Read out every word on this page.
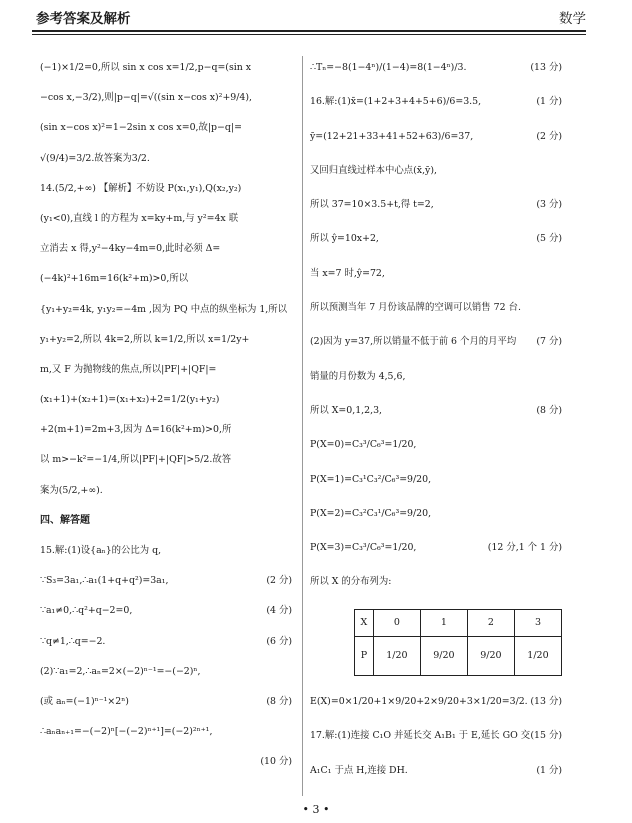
参考答案及解析	数学
(−1)×1/2=0,所以 sin x cos x=1/2,p−q=(sin x
−cos x,−3/2),则|p−q|=√((sin x−cos x)²+9/4),
(sin x−cos x)²=1−2sin x cos x=0,故|p−q|=
√(9/4)=3/2.故答案为3/2.
14.(5/2,+∞) 【解析】不妨设 P(x₁,y₁),Q(x₂,y₂)
(y₁<0),直线 l 的方程为 x=ky+m,与 y²=4x 联
立消去 x 得,y²−4ky−4m=0,此时必须 Δ=
(−4k)²+16m=16(k²+m)>0,所以
{y₁+y₂=4k, y₁y₂=−4m ,因为 PQ 中点的纵坐标为 1,所以
y₁+y₂=2,所以 4k=2,所以 k=1/2,所以 x=1/2y+
m,又 F 为抛物线的焦点,所以|PF|+|QF|=
(x₁+1)+(x₂+1)=(x₁+x₂)+2=1/2(y₁+y₂)
+2(m+1)=2m+3,因为 Δ=16(k²+m)>0,所
以 m>−k²=−1/4,所以|PF|+|QF|>5/2.故答
案为(5/2,+∞).
四、解答题
15.解:(1)设{aₙ}的公比为 q,
∵S₃=3a₁,∴a₁(1+q+q²)=3a₁,	(2 分)
∵a₁≠0,∴q²+q−2=0,	(4 分)
∵q≠1,∴q=−2.	(6 分)
(2)∵a₁=2,∴aₙ=2×(−2)ⁿ⁻¹=−(−2)ⁿ,
(或 aₙ=(−1)ⁿ⁻¹×2ⁿ)	(8 分)
∴aₙaₙ₊₁=−(−2)ⁿ[−(−2)ⁿ⁺¹]=(−2)²ⁿ⁺¹,
(10 分)
∴Tₙ=−8(1−4ⁿ)/(1−4)=8(1−4ⁿ)/3.	(13 分)
16.解:(1)x̄=(1+2+3+4+5+6)/6=3.5,	(1 分)
ȳ=(12+21+33+41+52+63)/6=37,	(2 分)
又回归直线过样本中心点(x̄,ȳ),
所以 37=10×3.5+t,得 t=2,	(3 分)
所以 ŷ=10x+2,	(5 分)
当 x=7 时,ŷ=72,
所以预测当年 7 月份该品牌的空调可以销售 72 台.
(7 分)
(2)因为 y=37,所以销量不低于前 6 个月的月平均
销量的月份数为 4,5,6,
所以 X=0,1,2,3,	(8 分)
P(X=0)=C₃³/C₆³=1/20,
P(X=1)=C₃¹C₃²/C₆³=9/20,
P(X=2)=C₃²C₃¹/C₆³=9/20,
P(X=3)=C₃³/C₆³=1/20,	(12 分,1 个 1 分)
所以 X 的分布列为:
X	0	1	2	3
P	1/20	9/20	9/20	1/20
(13 分)
E(X)=0×1/20+1×9/20+2×9/20+3×1/20=3/2.
(15 分)
17.解:(1)连接 C₁O 并延长交 A₁B₁ 于 E,延长 GO 交
A₁C₁ 于点 H,连接 DH.	(1 分)
• 3 •
